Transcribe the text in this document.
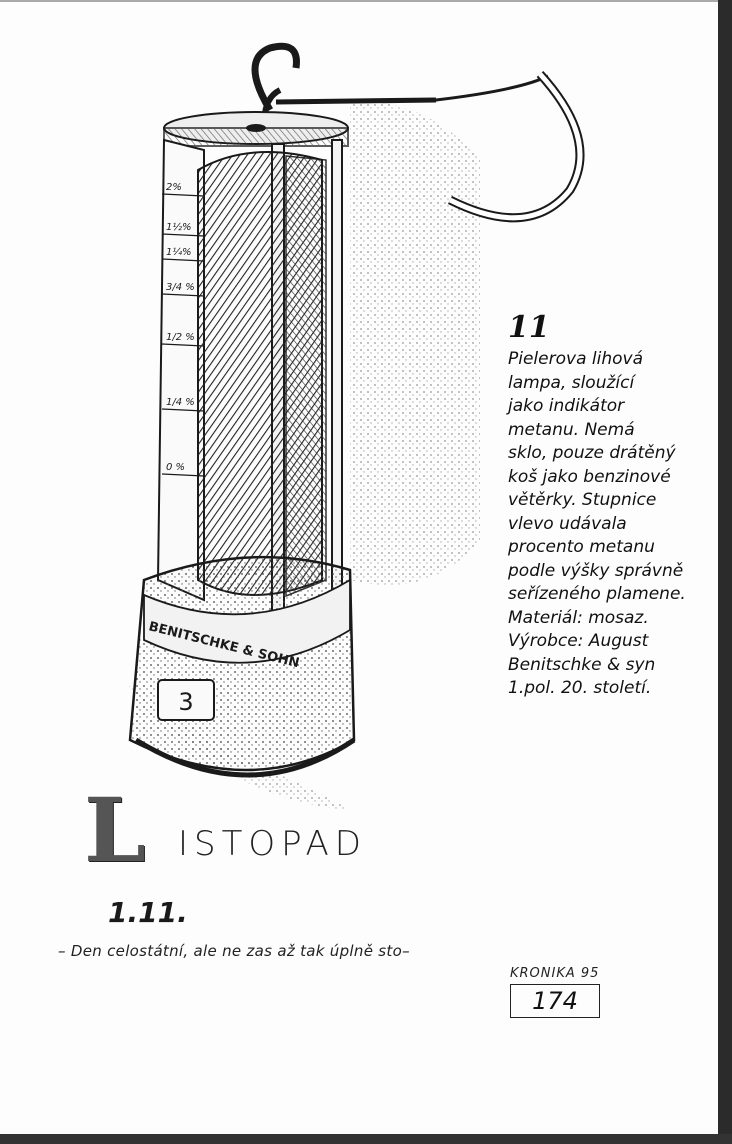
2%
1½%
1¼%
3/4 %
1/2 %
1/4 %
0 %
BENITSCHKE & SOHN
3
11
Pielerova lihová
lampa, sloužící
jako indikátor
metanu. Nemá
sklo, pouze drátěný
koš jako benzinové
větěrky. Stupnice
vlevo udávala
procento metanu
podle výšky správně
seřízeného plamene.
Materiál: mosaz.
Výrobce: August
Benitschke & syn
1.pol. 20. století.
L ISTOPAD
1.11.
– Den celostátní, ale ne zas až tak úplně sto–
KRONIKA 95
174
